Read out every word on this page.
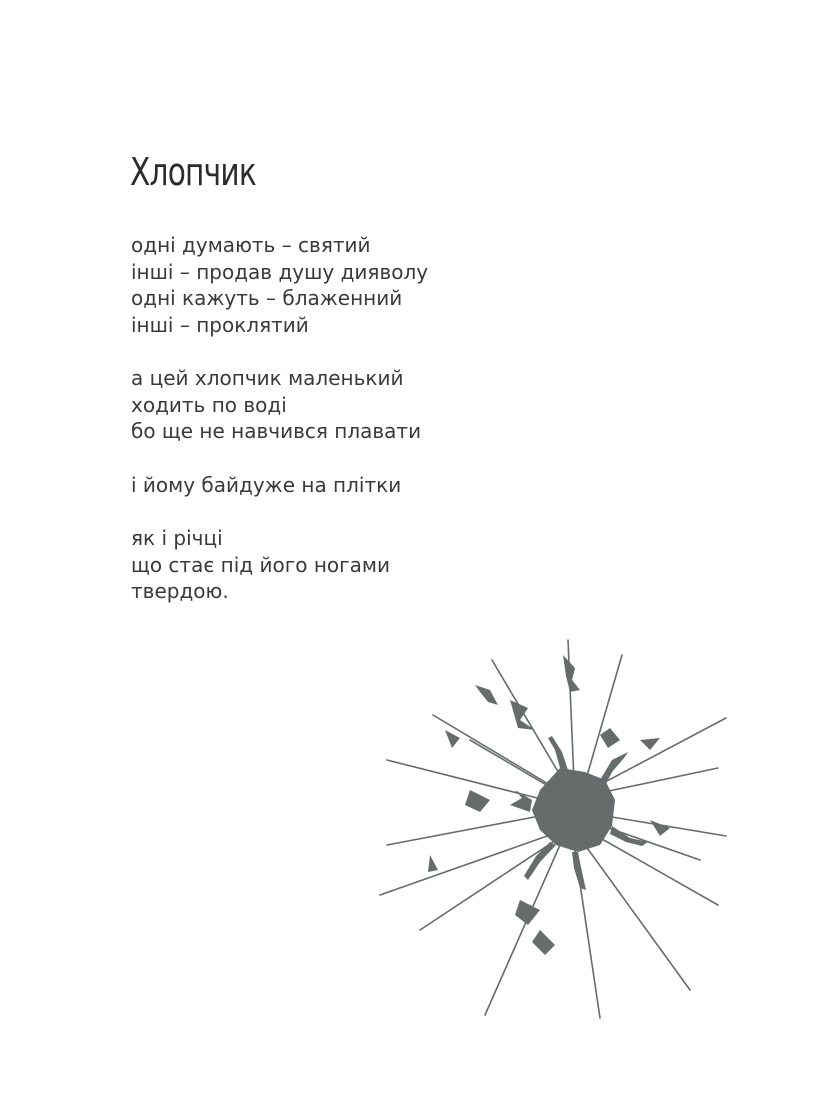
Хлопчик
одні думають – святий
інші – продав душу дияволу
одні кажуть – блаженний
інші – проклятий
а цей хлопчик маленький
ходить по воді
бо ще не навчився плавати
і йому байдуже на плітки
як і річці
що стає під його ногами
твердою.
